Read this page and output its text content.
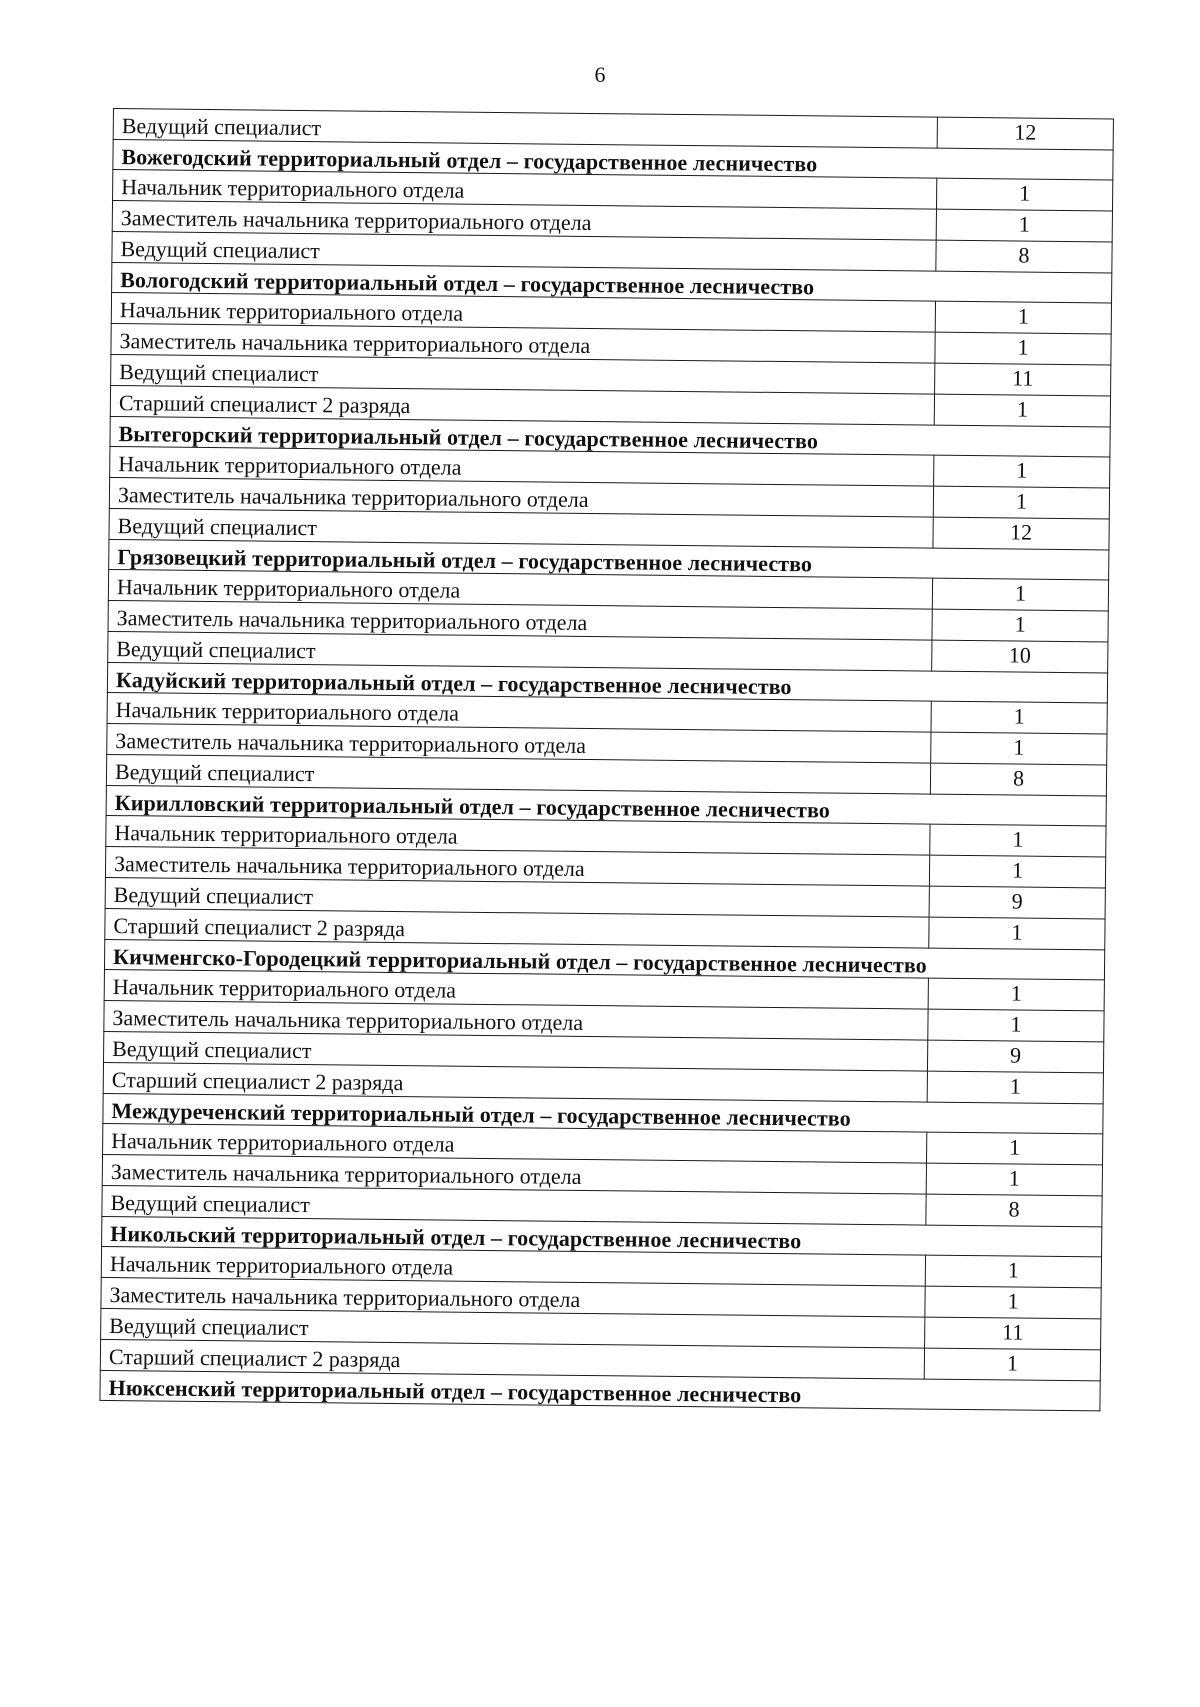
6
Ведущий специалист	12
Вожегодский территориальный отдел – государственное лесничество	
Начальник территориального отдела	1
Заместитель начальника территориального отдела	1
Ведущий специалист	8
Вологодский территориальный отдел – государственное лесничество	
Начальник территориального отдела	1
Заместитель начальника территориального отдела	1
Ведущий специалист	11
Старший специалист 2 разряда	1
Вытегорский территориальный отдел – государственное лесничество	
Начальник территориального отдела	1
Заместитель начальника территориального отдела	1
Ведущий специалист	12
Грязовецкий территориальный отдел – государственное лесничество	
Начальник территориального отдела	1
Заместитель начальника территориального отдела	1
Ведущий специалист	10
Кадуйский территориальный отдел – государственное лесничество	
Начальник территориального отдела	1
Заместитель начальника территориального отдела	1
Ведущий специалист	8
Кирилловский территориальный отдел – государственное лесничество	
Начальник территориального отдела	1
Заместитель начальника территориального отдела	1
Ведущий специалист	9
Старший специалист 2 разряда	1
Кичменгско-Городецкий территориальный отдел – государственное лесничество	
Начальник территориального отдела	1
Заместитель начальника территориального отдела	1
Ведущий специалист	9
Старший специалист 2 разряда	1
Междуреченский территориальный отдел – государственное лесничество	
Начальник территориального отдела	1
Заместитель начальника территориального отдела	1
Ведущий специалист	8
Никольский территориальный отдел – государственное лесничество	
Начальник территориального отдела	1
Заместитель начальника территориального отдела	1
Ведущий специалист	11
Старший специалист 2 разряда	1
Нюксенский территориальный отдел – государственное лесничество	
